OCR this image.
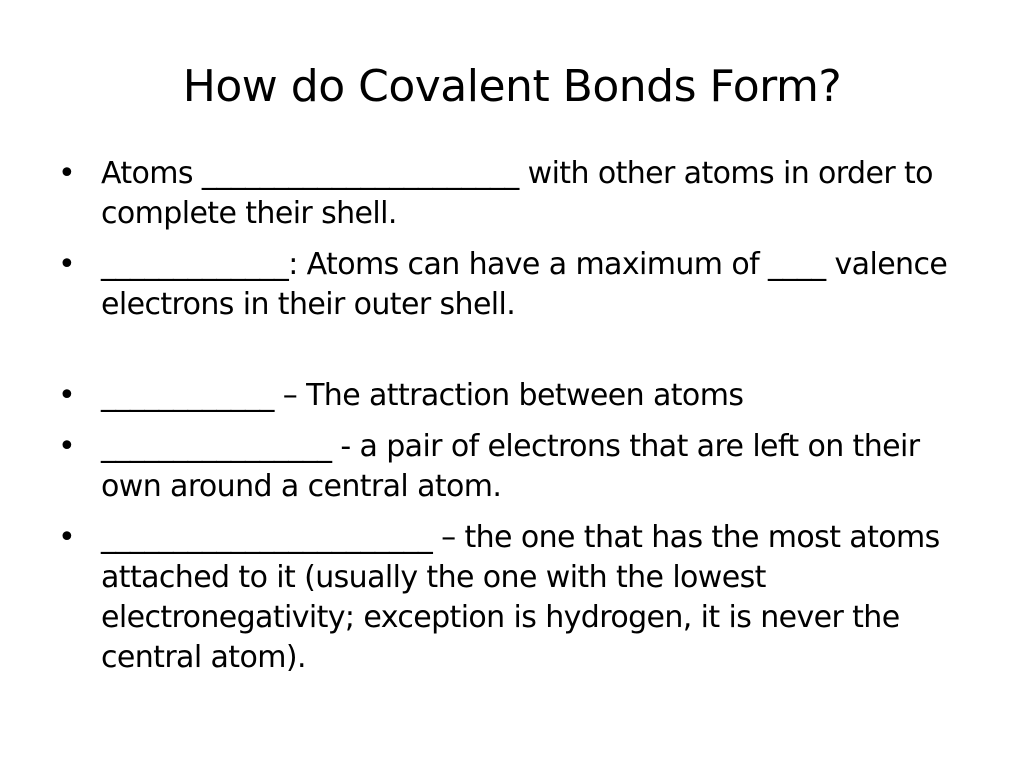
How do Covalent Bonds Form?
• Atoms ______________________ with other atoms in order to complete their shell.
• _____________: Atoms can have a maximum of ____ valence electrons in their outer shell.
• ____________ – The attraction between atoms
• ________________ - a pair of electrons that are left on their own around a central atom.
• _______________________ – the one that has the most atoms attached to it (usually the one with the lowest electronegativity; exception is hydrogen, it is never the central atom).
